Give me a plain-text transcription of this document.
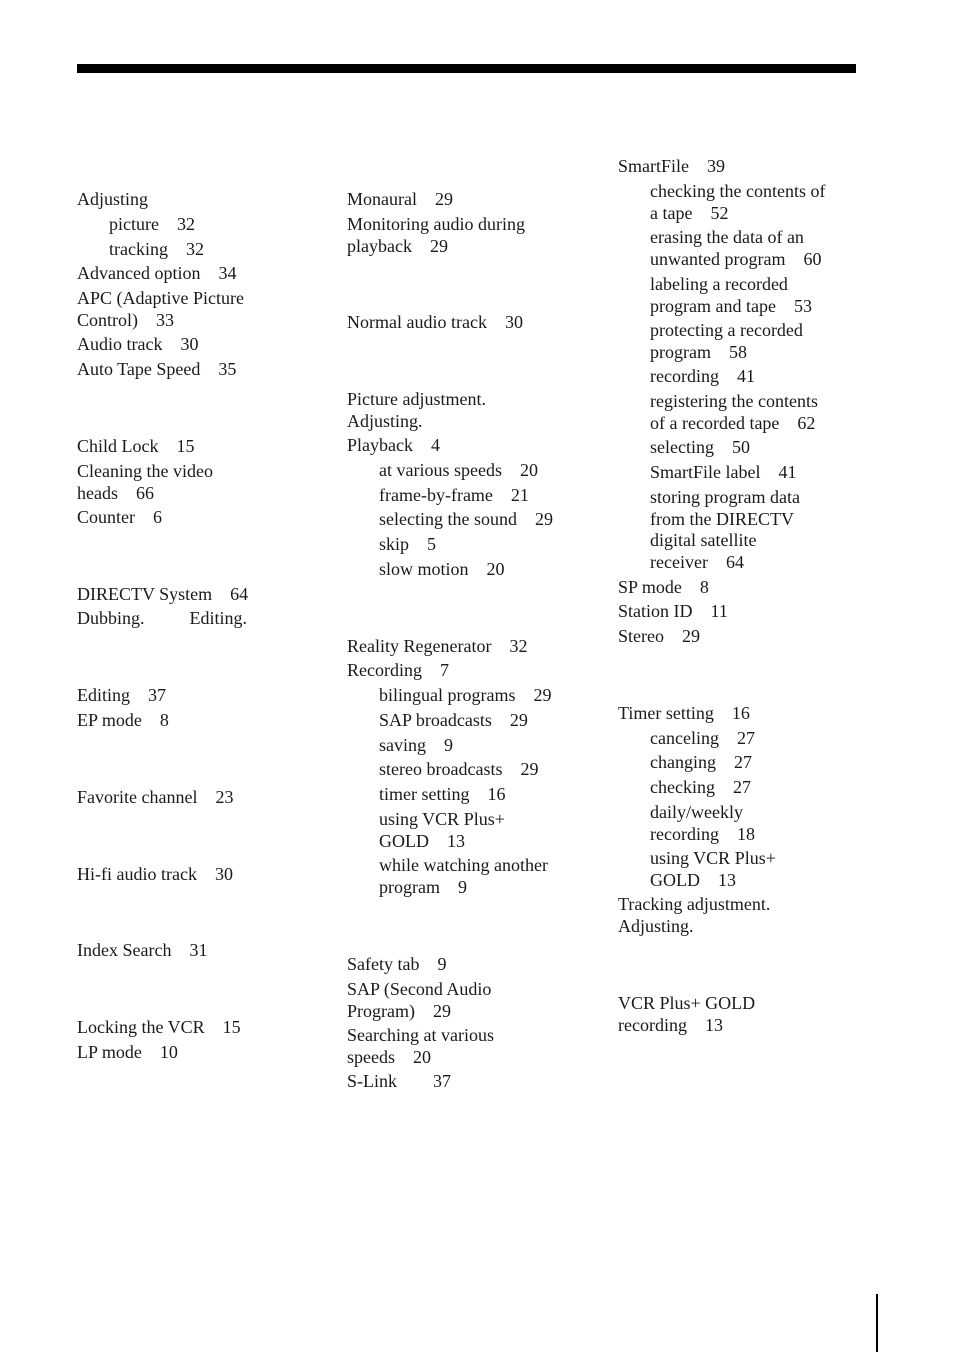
Adjusting
picture    32
tracking    32
Advanced option    34
APC (Adaptive Picture
Control)    33
Audio track    30
Auto Tape Speed    35
Child Lock    15
Cleaning the video
heads    66
Counter    6
DIRECTV System    64
Dubbing.          Editing.
Editing    37
EP mode    8
Favorite channel    23
Hi-fi audio track    30
Index Search    31
Locking the VCR    15
LP mode    10
Monaural    29
Monitoring audio during
playback    29
Normal audio track    30
Picture adjustment.
Adjusting.
Playback    4
at various speeds    20
frame-by-frame    21
selecting the sound    29
skip    5
slow motion    20
Reality Regenerator    32
Recording    7
bilingual programs    29
SAP broadcasts    29
saving    9
stereo broadcasts    29
timer setting    16
using VCR Plus+
GOLD    13
while watching another
program    9
Safety tab    9
SAP (Second Audio
Program)    29
Searching at various
speeds    20
S-Link        37
SmartFile    39
checking the contents of
a tape    52
erasing the data of an
unwanted program    60
labeling a recorded
program and tape    53
protecting a recorded
program    58
recording    41
registering the contents
of a recorded tape    62
selecting    50
SmartFile label    41
storing program data
from the DIRECTV
digital satellite
receiver    64
SP mode    8
Station ID    11
Stereo    29
Timer setting    16
canceling    27
changing    27
checking    27
daily/weekly
recording    18
using VCR Plus+
GOLD    13
Tracking adjustment.
Adjusting.
VCR Plus+ GOLD
recording    13
